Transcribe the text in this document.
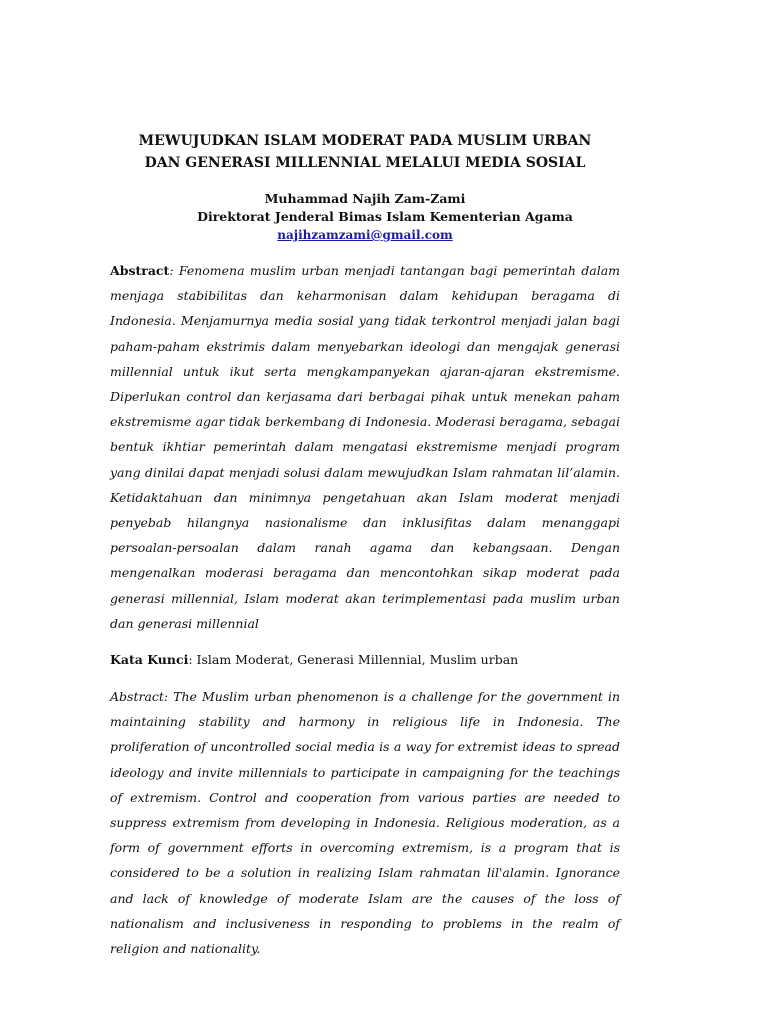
MEWUJUDKAN ISLAM MODERAT PADA MUSLIM URBAN
DAN GENERASI MILLENNIAL MELALUI MEDIA SOSIAL
Muhammad Najih Zam-Zami
Direktorat Jenderal Bimas Islam Kementerian Agama
najihzamzami@gmail.com

Abstract: Fenomena muslim urban menjadi tantangan bagi pemerintah dalam menjaga stabibilitas dan keharmonisan dalam kehidupan beragama di Indonesia. Menjamurnya media sosial yang tidak terkontrol menjadi jalan bagi paham-paham ekstrimis dalam menyebarkan ideologi dan mengajak generasi millennial untuk ikut serta mengkampanyekan ajaran-ajaran ekstremisme. Diperlukan control dan kerjasama dari berbagai pihak untuk menekan paham ekstremisme agar tidak berkembang di Indonesia. Moderasi beragama, sebagai bentuk ikhtiar pemerintah dalam mengatasi ekstremisme menjadi program yang dinilai dapat menjadi solusi dalam mewujudkan Islam rahmatan lil’alamin. Ketidaktahuan dan minimnya pengetahuan akan Islam moderat menjadi penyebab hilangnya nasionalisme dan inklusifitas dalam menanggapi persoalan-persoalan dalam ranah agama dan kebangsaan. Dengan mengenalkan moderasi beragama dan mencontohkan sikap moderat pada generasi millennial, Islam moderat akan terimplementasi pada muslim urban dan generasi millennial

Kata Kunci: Islam Moderat, Generasi Millennial, Muslim urban

Abstract: The Muslim urban phenomenon is a challenge for the government in maintaining stability and harmony in religious life in Indonesia. The proliferation of uncontrolled social media is a way for extremist ideas to spread ideology and invite millennials to participate in campaigning for the teachings of extremism. Control and cooperation from various parties are needed to suppress extremism from developing in Indonesia. Religious moderation, as a form of government efforts in overcoming extremism, is a program that is considered to be a solution in realizing Islam rahmatan lil'alamin. Ignorance and lack of knowledge of moderate Islam are the causes of the loss of nationalism and inclusiveness in responding to problems in the realm of religion and nationality.
